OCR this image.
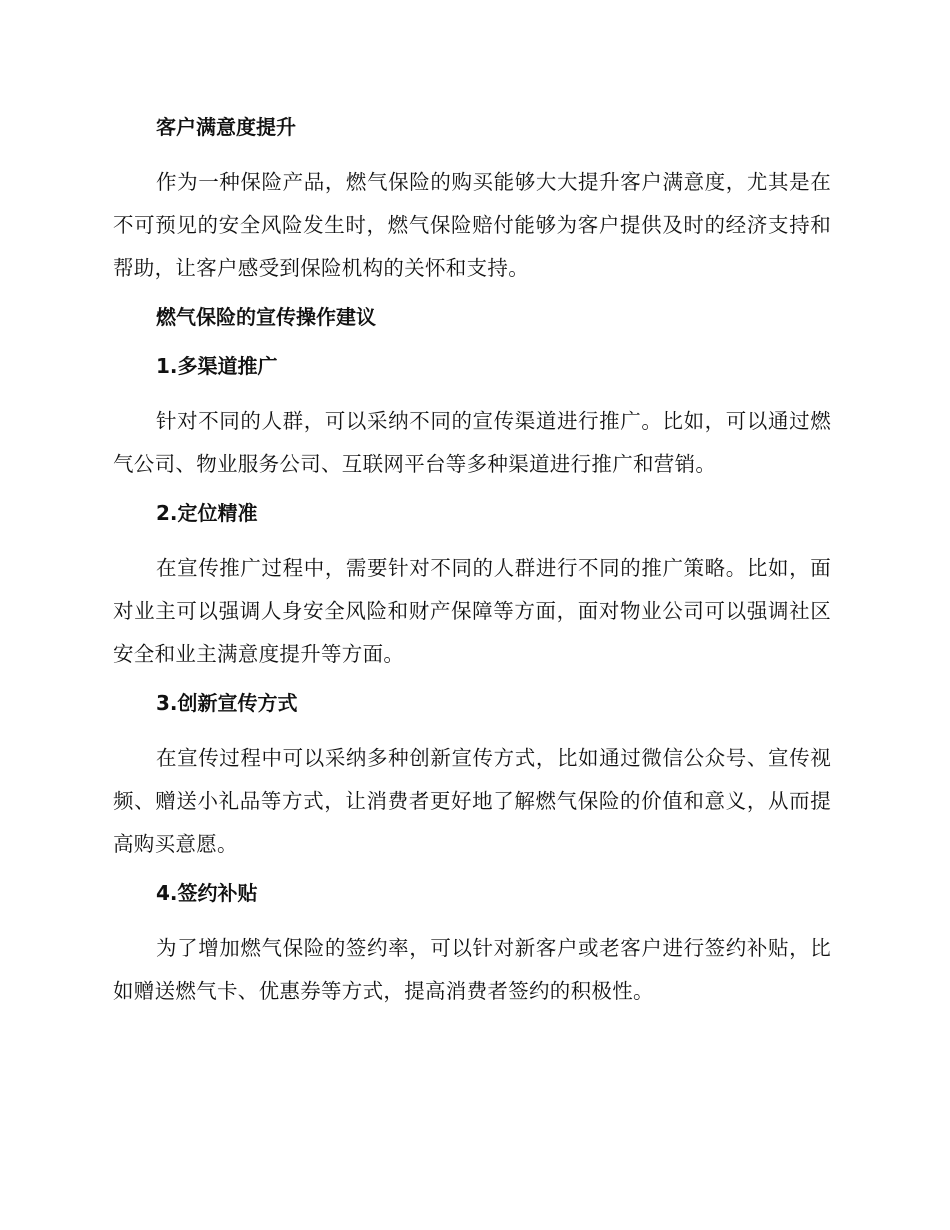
客户满意度提升

作为一种保险产品，燃气保险的购买能够大大提升客户满意度，尤其是在不可预见的安全风险发生时，燃气保险赔付能够为客户提供及时的经济支持和帮助，让客户感受到保险机构的关怀和支持。

燃气保险的宣传操作建议
1.多渠道推广

针对不同的人群，可以采纳不同的宣传渠道进行推广。比如，可以通过燃气公司、物业服务公司、互联网平台等多种渠道进行推广和营销。

2.定位精准

在宣传推广过程中，需要针对不同的人群进行不同的推广策略。比如，面对业主可以强调人身安全风险和财产保障等方面，面对物业公司可以强调社区安全和业主满意度提升等方面。

3.创新宣传方式

在宣传过程中可以采纳多种创新宣传方式，比如通过微信公众号、宣传视频、赠送小礼品等方式，让消费者更好地了解燃气保险的价值和意义，从而提高购买意愿。

4.签约补贴

为了增加燃气保险的签约率，可以针对新客户或老客户进行签约补贴，比如赠送燃气卡、优惠券等方式，提高消费者签约的积极性。
